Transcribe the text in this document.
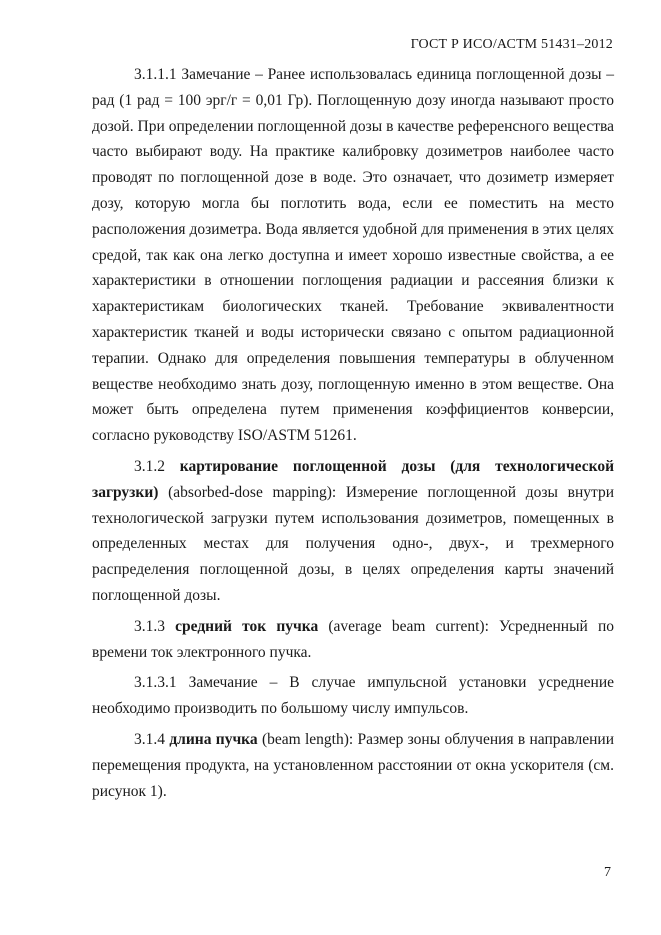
ГОСТ Р ИСО/АСТМ 51431–2012

3.1.1.1 Замечание – Ранее использовалась единица поглощенной дозы – рад (1 рад = 100 эрг/г = 0,01 Гр). Поглощенную дозу иногда называют просто дозой. При определении поглощенной дозы в качестве референсного вещества часто выбирают воду. На практике калибровку дозиметров наиболее часто проводят по поглощенной дозе в воде. Это означает, что дозиметр измеряет дозу, которую могла бы поглотить вода, если ее поместить на место расположения дозиметра. Вода является удобной для применения в этих целях средой, так как она легко доступна и имеет хорошо известные свойства, а ее характеристики в отношении поглощения радиации и рассеяния близки к характеристикам биологических тканей. Требование эквивалентности характеристик тканей и воды исторически связано с опытом радиационной терапии. Однако для определения повышения температуры в облученном веществе необходимо знать дозу, поглощенную именно в этом веществе. Она может быть определена путем применения коэффициентов конверсии, согласно руководству ISO/ASTM 51261.

3.1.2 картирование поглощенной дозы (для технологической загрузки) (absorbed-dose mapping): Измерение поглощенной дозы внутри технологической загрузки путем использования дозиметров, помещенных в определенных местах для получения одно-, двух-, и трехмерного распределения поглощенной дозы, в целях определения карты значений поглощенной дозы.

3.1.3 средний ток пучка (average beam current): Усредненный по времени ток электронного пучка.

3.1.3.1 Замечание – В случае импульсной установки усреднение необходимо производить по большому числу импульсов.

3.1.4 длина пучка (beam length): Размер зоны облучения в направлении перемещения продукта, на установленном расстоянии от окна ускорителя (см. рисунок 1).

7
